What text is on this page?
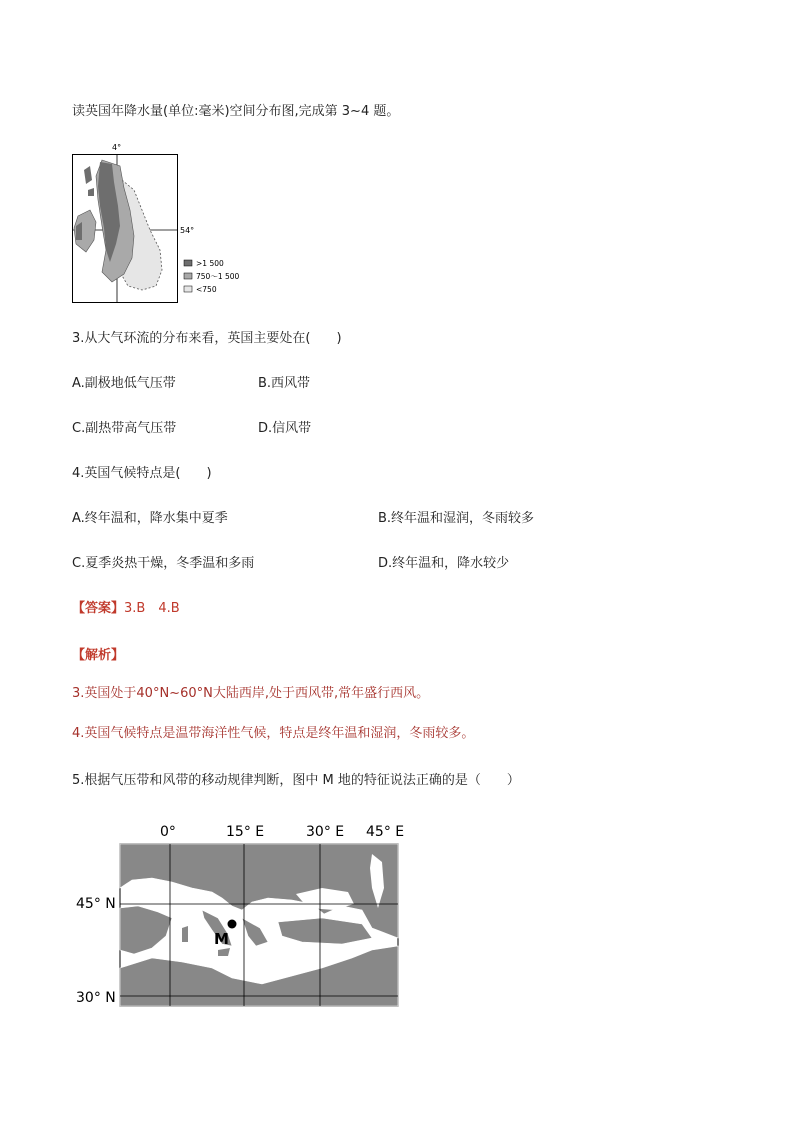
读英国年降水量(单位:毫米)空间分布图,完成第 3~4 题。
4°
54°
>1 500
750～1 500
<750
3.从大气环流的分布来看，英国主要处在(　　)
A.副极地低气压带	B.西风带
C.副热带高气压带	D.信风带
4.英国气候特点是(　　)
A.终年温和，降水集中夏季	B.终年温和湿润，冬雨较多
C.夏季炎热干燥，冬季温和多雨	D.终年温和，降水较少
【答案】3.B　4.B
【解析】
3.英国处于40°N~60°N大陆西岸,处于西风带,常年盛行西风。
4.英国气候特点是温带海洋性气候，特点是终年温和湿润，冬雨较多。
5.根据气压带和风带的移动规律判断，图中 M 地的特征说法正确的是（　　）
0°	15° E	30° E 45° E
45° N
30° N
M
